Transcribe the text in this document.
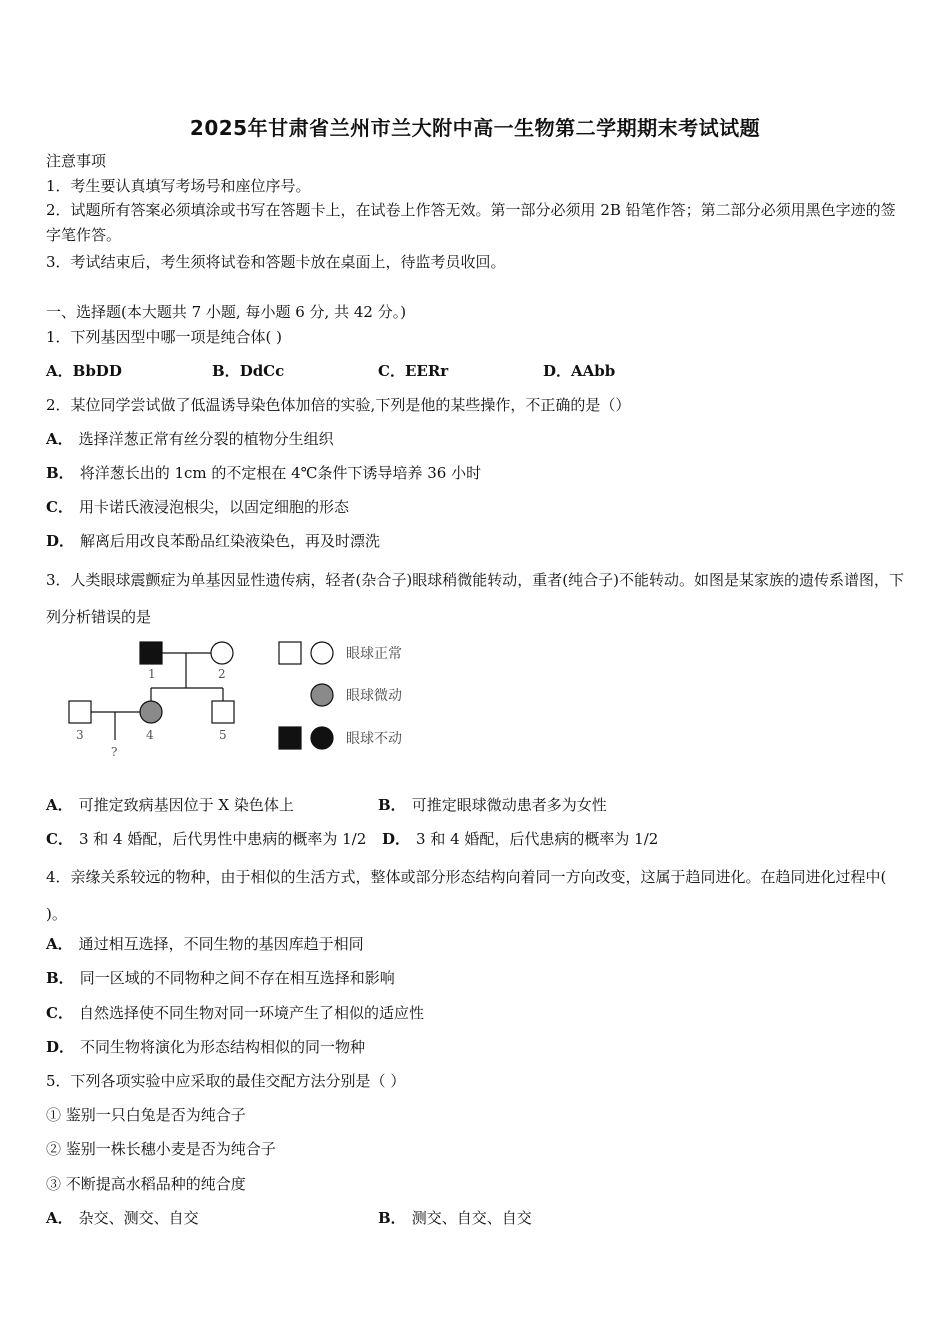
2025年甘肃省兰州市兰大附中高一生物第二学期期末考试试题
注意事项
1．考生要认真填写考场号和座位序号。
2．试题所有答案必须填涂或书写在答题卡上，在试卷上作答无效。第一部分必须用 2B 铅笔作答；第二部分必须用黑色字迹的签字笔作答。
3．考试结束后，考生须将试卷和答题卡放在桌面上，待监考员收回。
一、选择题(本大题共 7 小题, 每小题 6 分, 共 42 分。)
1．下列基因型中哪一项是纯合体( )
A．BbDD	B．DdCc	C．EERr	D．AAbb
2．某位同学尝试做了低温诱导染色体加倍的实验,下列是他的某些操作，不正确的是（）
A． 选择洋葱正常有丝分裂的植物分生组织
B． 将洋葱长出的 1cm 的不定根在 4℃条件下诱导培养 36 小时
C． 用卡诺氏液浸泡根尖，以固定细胞的形态
D． 解离后用改良苯酚品红染液染色，再及时漂洗
3．人类眼球震颤症为单基因显性遗传病，轻者(杂合子)眼球稍微能转动，重者(纯合子)不能转动。如图是某家族的遗传系谱图，下列分析错误的是
1	2
3	4	5
?
眼球正常
眼球微动
眼球不动
A． 可推定致病基因位于 X 染色体上	B． 可推定眼球微动患者多为女性
C． 3 和 4 婚配，后代男性中患病的概率为 1/2 D． 3 和 4 婚配，后代患病的概率为 1/2
4．亲缘关系较远的物种，由于相似的生活方式，整体或部分形态结构向着同一方向改变，这属于趋同进化。在趋同进化过程中( )。
A． 通过相互选择，不同生物的基因库趋于相同
B． 同一区域的不同物种之间不存在相互选择和影响
C． 自然选择使不同生物对同一环境产生了相似的适应性
D． 不同生物将演化为形态结构相似的同一物种
5．下列各项实验中应采取的最佳交配方法分别是（ ）
① 鉴别一只白兔是否为纯合子
② 鉴别一株长穗小麦是否为纯合子
③ 不断提高水稻品种的纯合度
A． 杂交、测交、自交	B． 测交、自交、自交
